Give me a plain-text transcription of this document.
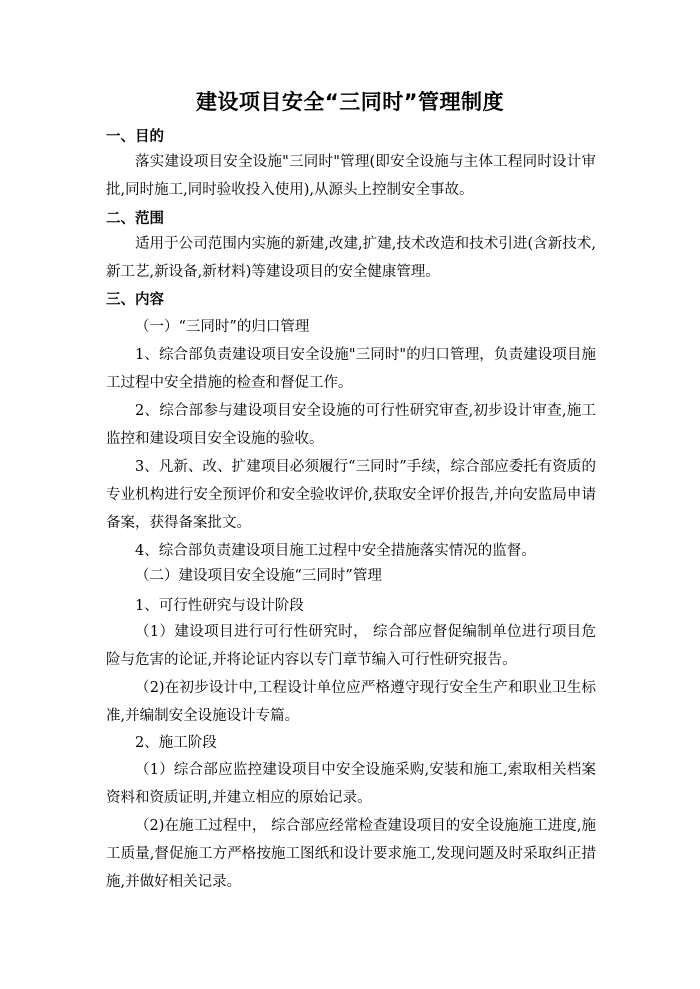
建设项目安全“三同时”管理制度
一、目的
落实建设项目安全设施"三同时"管理(即安全设施与主体工程同时设计审批,同时施工,同时验收投入使用),从源头上控制安全事故。
二、范围
适用于公司范围内实施的新建,改建,扩建,技术改造和技术引进(含新技术,新工艺,新设备,新材料)等建设项目的安全健康管理。
三、内容
（一）“三同时”的归口管理
1、综合部负责建设项目安全设施"三同时"的归口管理，负责建设项目施工过程中安全措施的检查和督促工作。
2、综合部参与建设项目安全设施的可行性研究审查,初步设计审查,施工监控和建设项目安全设施的验收。
3、凡新、改、扩建项目必须履行“三同时”手续，综合部应委托有资质的专业机构进行安全预评价和安全验收评价,获取安全评价报告,并向安监局申请备案，获得备案批文。
4、综合部负责建设项目施工过程中安全措施落实情况的监督。
（二）建设项目安全设施“三同时”管理
1、可行性研究与设计阶段
（1）建设项目进行可行性研究时， 综合部应督促编制单位进行项目危险与危害的论证,并将论证内容以专门章节编入可行性研究报告。
（2)在初步设计中,工程设计单位应严格遵守现行安全生产和职业卫生标准,并编制安全设施设计专篇。
2、施工阶段
（1）综合部应监控建设项目中安全设施采购,安装和施工,索取相关档案资料和资质证明,并建立相应的原始记录。
（2)在施工过程中， 综合部应经常检查建设项目的安全设施施工进度,施工质量,督促施工方严格按施工图纸和设计要求施工,发现问题及时采取纠正措施,并做好相关记录。
